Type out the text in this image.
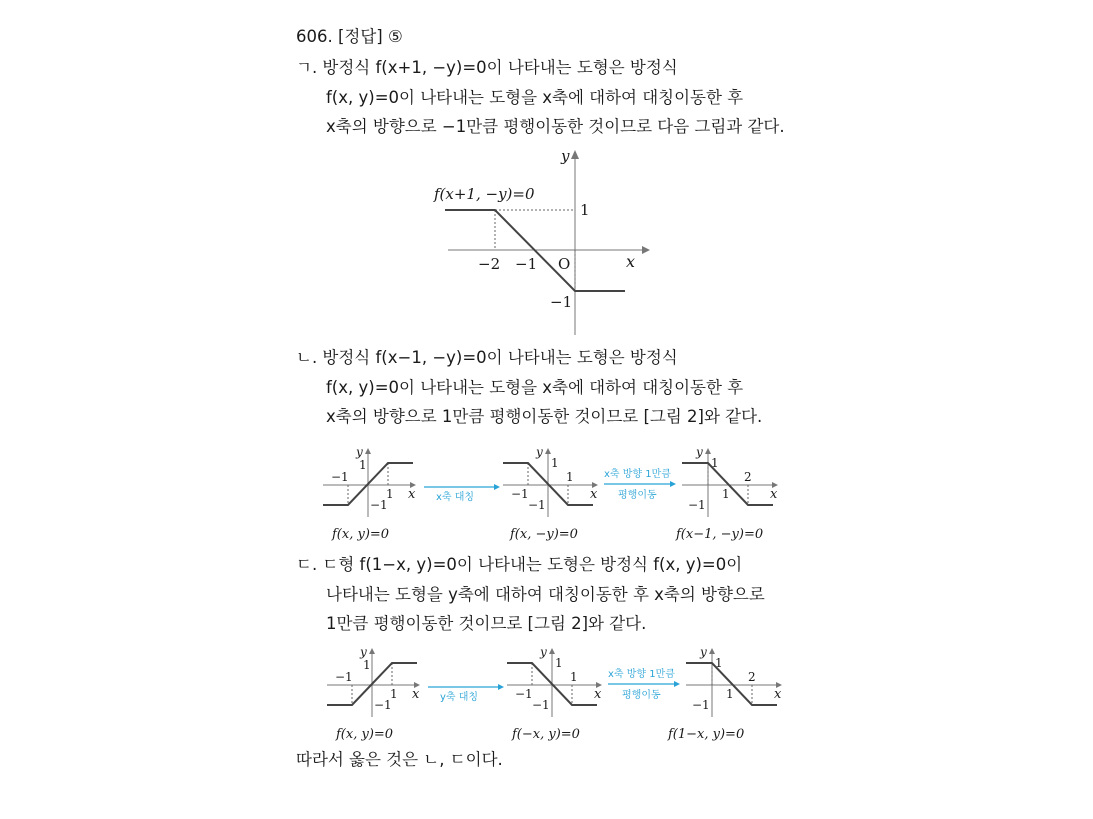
606. [정답] ⑤
ㄱ. 방정식 f(x+1, −y)=0이 나타내는 도형은 방정식
f(x, y)=0이 나타내는 도형을 x축에 대하여 대칭이동한 후
x축의 방향으로 −1만큼 평행이동한 것이므로 다음 그림과 같다.
f(x+1, −y)=0
y
x
O
1
−1
−2 −1
ㄴ. 방정식 f(x−1, −y)=0이 나타내는 도형은 방정식
f(x, y)=0이 나타내는 도형을 x축에 대하여 대칭이동한 후
x축의 방향으로 1만큼 평행이동한 것이므로 [그림 2]와 같다.
y
x
−1
1
1
−1
f(x, y)=0
x축 대칭
y
x
−1
1
1
−1
f(x, −y)=0
x축 방향 1만큼
평행이동
y
x
1
2
1
−1
f(x−1, −y)=0
ㄷ. ㄷ형 f(1−x, y)=0이 나타내는 도형은 방정식 f(x, y)=0이
나타내는 도형을 y축에 대하여 대칭이동한 후 x축의 방향으로
1만큼 평행이동한 것이므로 [그림 2]와 같다.
y
x
−1
1
1
−1
f(x, y)=0
y축 대칭
y
x
−1
1
1
−1
f(−x, y)=0
x축 방향 1만큼
평행이동
y
x
1
2
1
−1
f(1−x, y)=0
따라서 옳은 것은 ㄴ, ㄷ이다.
